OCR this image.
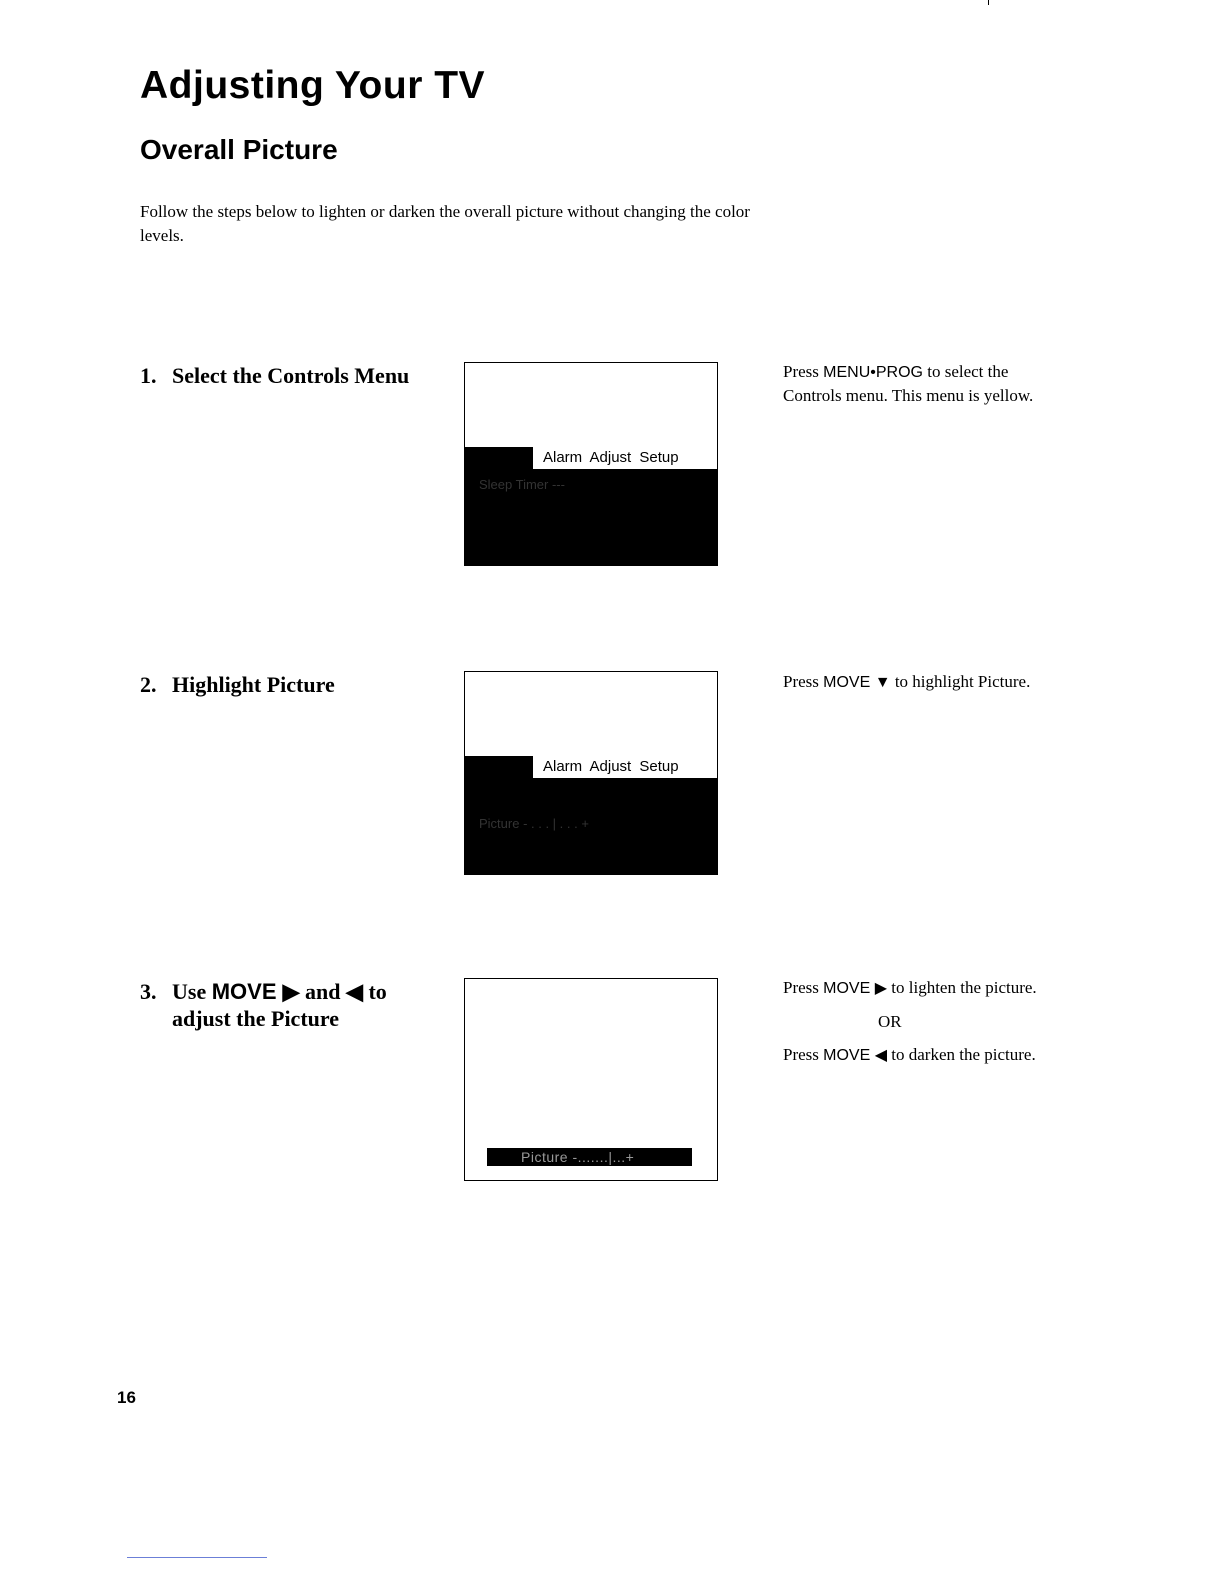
Adjusting Your TV
Overall Picture

Follow the steps below to lighten or darken the overall picture without changing the color levels.

1. Select the Controls Menu
Alarm Adjust Setup
Sleep Timer ---

Press MENU•PROG to select the Controls menu. This menu is yellow.

2. Highlight Picture
Alarm Adjust Setup
Picture - . . . | . . . +

Press MOVE ▼ to highlight Picture.

3. Use MOVE ▶ and ◀ to
adjust the Picture
Picture -.......|...+
Press MOVE ▶ to lighten the picture.
OR
Press MOVE ◀ to darken the picture.

16
